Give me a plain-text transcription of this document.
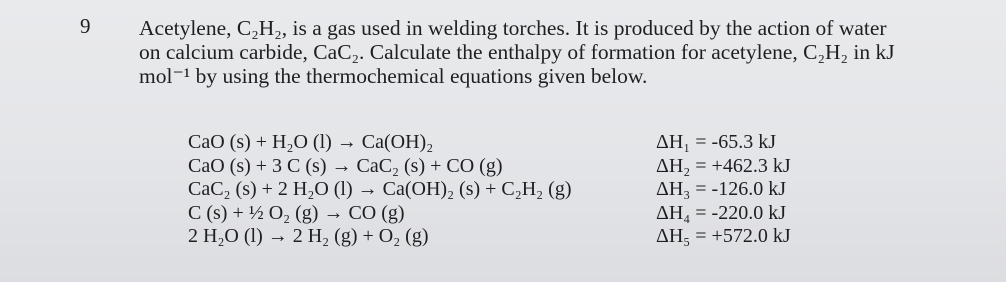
9 Acetylene, C₂H₂, is a gas used in welding torches. It is produced by the action of water
on calcium carbide, CaC₂. Calculate the enthalpy of formation for acetylene, C₂H₂ in kJ
mol⁻¹ by using the thermochemical equations given below.
CaO (s) + H₂O (l) → Ca(OH)₂	ΔH₁ = -65.3 kJ
CaO (s) + 3 C (s) → CaC₂ (s) + CO (g)	ΔH₂ = +462.3 kJ
CaC₂ (s) + 2 H₂O (l) → Ca(OH)₂ (s) + C₂H₂ (g)	ΔH₃ = -126.0 kJ
C (s) + ½ O₂ (g) → CO (g)	ΔH₄ = -220.0 kJ
2 H₂O (l) → 2 H₂ (g) + O₂ (g)	ΔH₅ = +572.0 kJ
